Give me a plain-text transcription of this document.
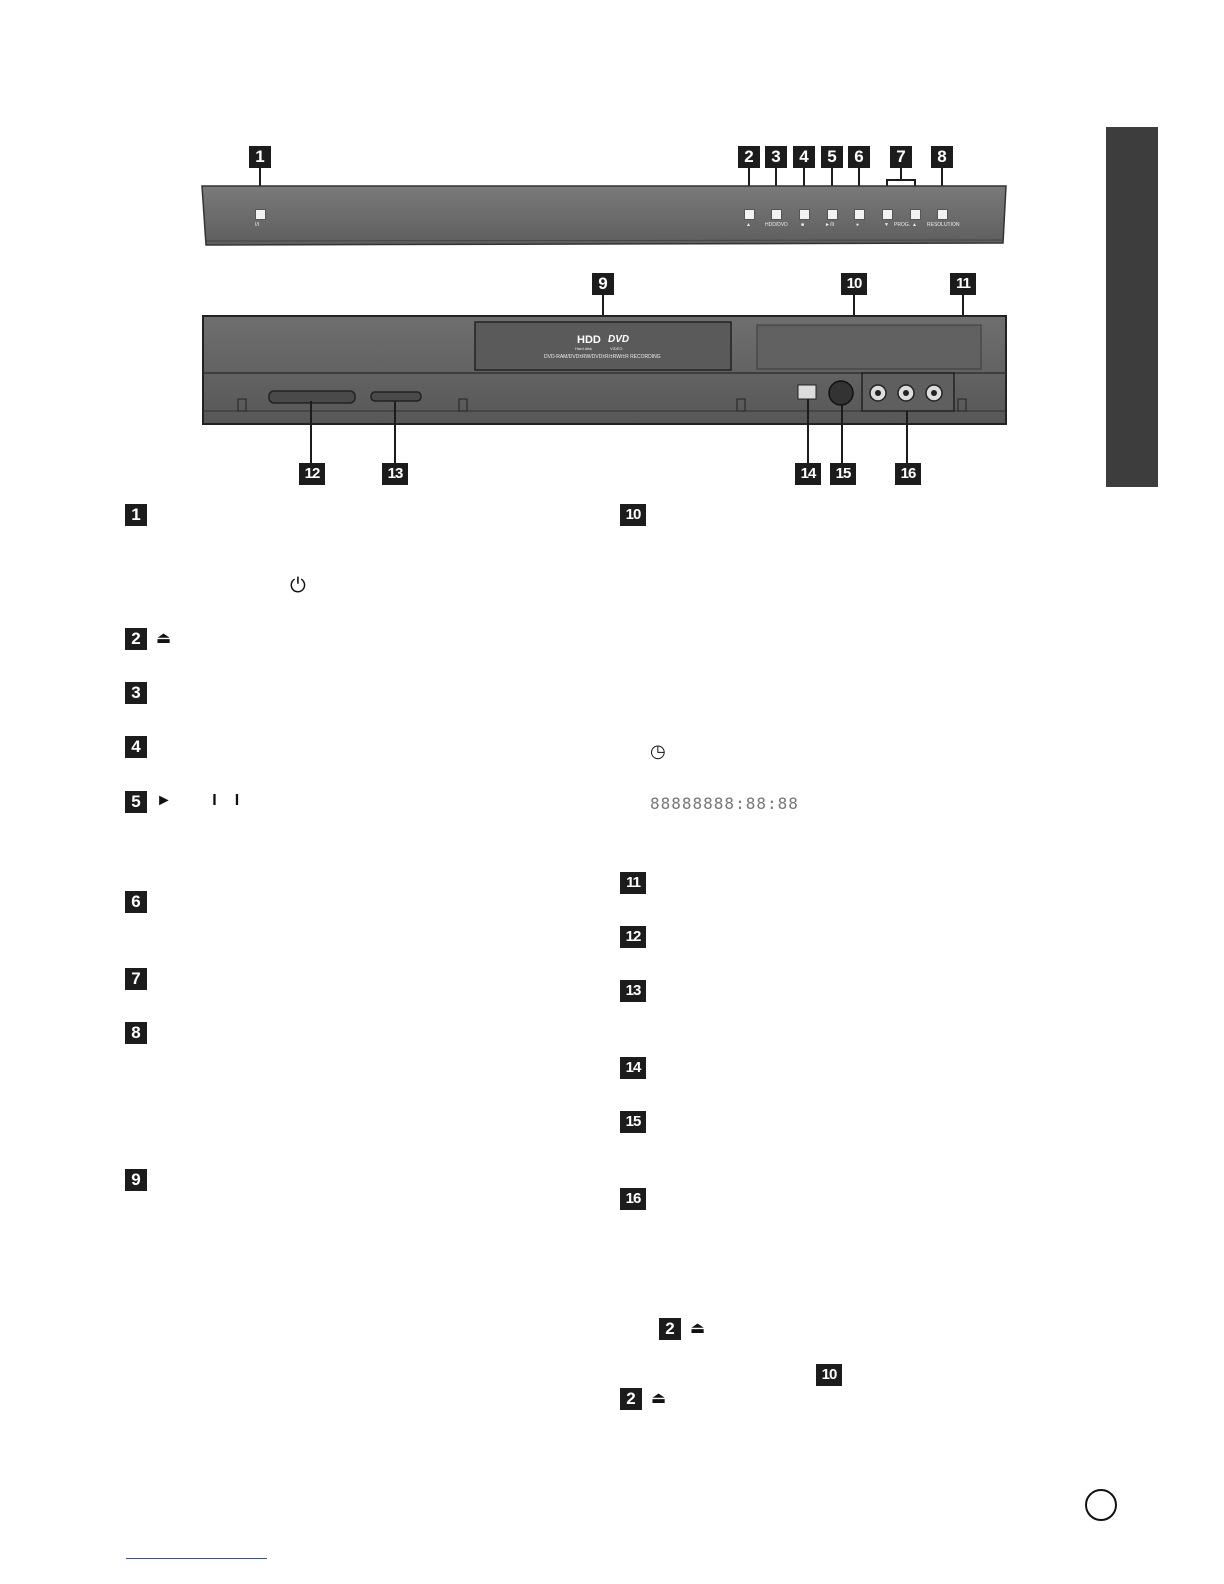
1	2	3	4	5	6	7	8
I/I	▲	HDD/DVD	■	►/II	●	▼ PROG. ▲ RESOLUTION
9	10	11
HDD
Hard disk
DVD
VIDEO
DVD-RAM/DVD±RW/DVD±R/±RW/±R RECORDING
12	13	14	15	16
1
⏻
2 ⏏
3
4
5 ► II
6
7
8
9
10
◷
88888888:88:88
11
12
13
14
15
16
2 ⏏
10
2 ⏏
